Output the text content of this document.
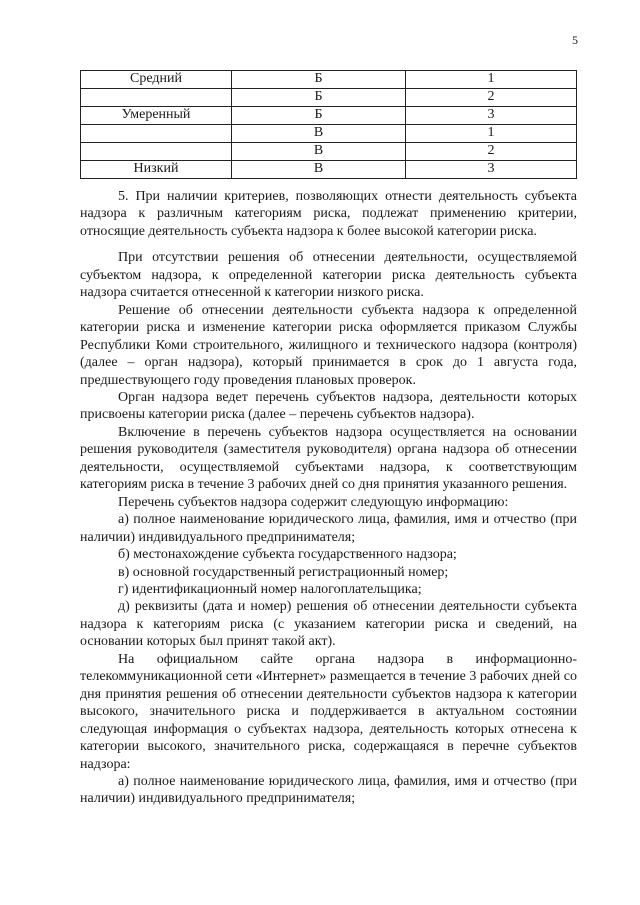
5
Средний	Б	1
	Б	2
Умеренный	Б	3
	В	1
	В	2
Низкий	В	3

5. При наличии критериев, позволяющих отнести деятельность субъекта надзора к различным категориям риска, подлежат применению критерии, относящие деятельность субъекта надзора к более высокой категории риска.

При отсутствии решения об отнесении деятельности, осуществляемой субъектом надзора, к определенной категории риска деятельность субъекта надзора считается отнесенной к категории низкого риска.

Решение об отнесении деятельности субъекта надзора к определенной категории риска и изменение категории риска оформляется приказом Службы Республики Коми строительного, жилищного и технического надзора (контроля) (далее – орган надзора), который принимается в срок до 1 августа года, предшествующего году проведения плановых проверок.

Орган надзора ведет перечень субъектов надзора, деятельности которых присвоены категории риска (далее – перечень субъектов надзора).

Включение в перечень субъектов надзора осуществляется на основании решения руководителя (заместителя руководителя) органа надзора об отнесении деятельности, осуществляемой субъектами надзора, к соответствующим категориям риска в течение 3 рабочих дней со дня принятия указанного решения.

Перечень субъектов надзора содержит следующую информацию:

а) полное наименование юридического лица, фамилия, имя и отчество (при наличии) индивидуального предпринимателя;

б) местонахождение субъекта государственного надзора;

в) основной государственный регистрационный номер;

г) идентификационный номер налогоплательщика;

д) реквизиты (дата и номер) решения об отнесении деятельности субъекта надзора к категориям риска (с указанием категории риска и сведений, на основании которых был принят такой акт).

На официальном сайте органа надзора в информационно-телекоммуникационной сети «Интернет» размещается в течение 3 рабочих дней со дня принятия решения об отнесении деятельности субъектов надзора к категории высокого, значительного риска и поддерживается в актуальном состоянии следующая информация о субъектах надзора, деятельность которых отнесена к категории высокого, значительного риска, содержащаяся в перечне субъектов надзора:

а) полное наименование юридического лица, фамилия, имя и отчество (при наличии) индивидуального предпринимателя;
